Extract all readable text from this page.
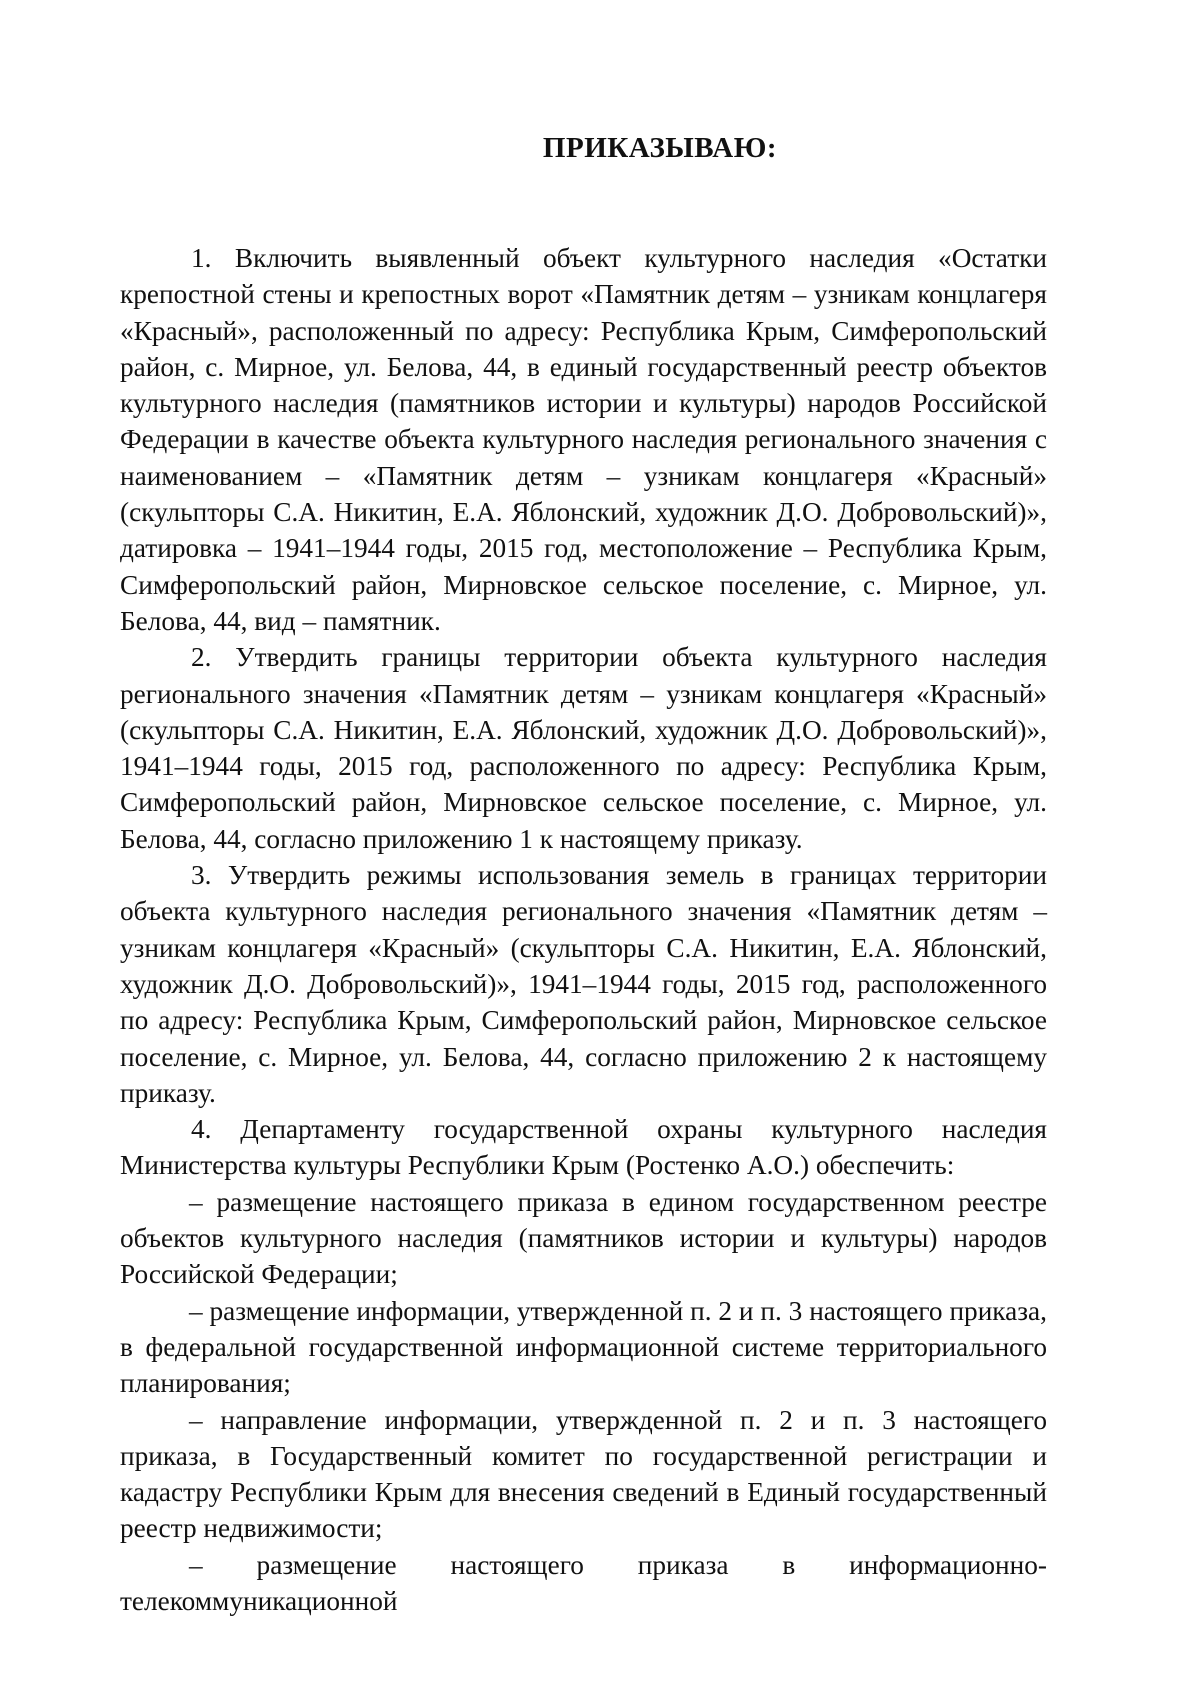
ПРИКАЗЫВАЮ:

1. Включить выявленный объект культурного наследия «Остатки крепостной стены и крепостных ворот «Памятник детям – узникам концлагеря «Красный», расположенный по адресу: Республика Крым, Симферопольский район, с. Мирное, ул. Белова, 44, в единый государственный реестр объектов культурного наследия (памятников истории и культуры) народов Российской Федерации в качестве объекта культурного наследия регионального значения с наименованием – «Памятник детям – узникам концлагеря «Красный» (скульпторы С.А. Никитин, Е.А. Яблонский, художник Д.О. Добровольский)», датировка – 1941–1944 годы, 2015 год, местоположение – Республика Крым, Симферопольский район, Мирновское сельское поселение, с. Мирное, ул. Белова, 44, вид – памятник.

2. Утвердить границы территории объекта культурного наследия регионального значения «Памятник детям – узникам концлагеря «Красный» (скульпторы С.А. Никитин, Е.А. Яблонский, художник Д.О. Добровольский)», 1941–1944 годы, 2015 год, расположенного по адресу: Республика Крым, Симферопольский район, Мирновское сельское поселение, с. Мирное, ул. Белова, 44, согласно приложению 1 к настоящему приказу.

3. Утвердить режимы использования земель в границах территории объекта культурного наследия регионального значения «Памятник детям – узникам концлагеря «Красный» (скульпторы С.А. Никитин, Е.А. Яблонский, художник Д.О. Добровольский)», 1941–1944 годы, 2015 год, расположенного по адресу: Республика Крым, Симферопольский район, Мирновское сельское поселение, с. Мирное, ул. Белова, 44, согласно приложению 2 к настоящему приказу.

4. Департаменту государственной охраны культурного наследия Министерства культуры Республики Крым (Ростенко А.О.) обеспечить:

– размещение настоящего приказа в едином государственном реестре объектов культурного наследия (памятников истории и культуры) народов Российской Федерации;

– размещение информации, утвержденной п. 2 и п. 3 настоящего приказа, в федеральной государственной информационной системе территориального планирования;

– направление информации, утвержденной п. 2 и п. 3 настоящего приказа, в Государственный комитет по государственной регистрации и кадастру Республики Крым для внесения сведений в Единый государственный реестр недвижимости;

– размещение настоящего приказа в информационно-телекоммуникационной
